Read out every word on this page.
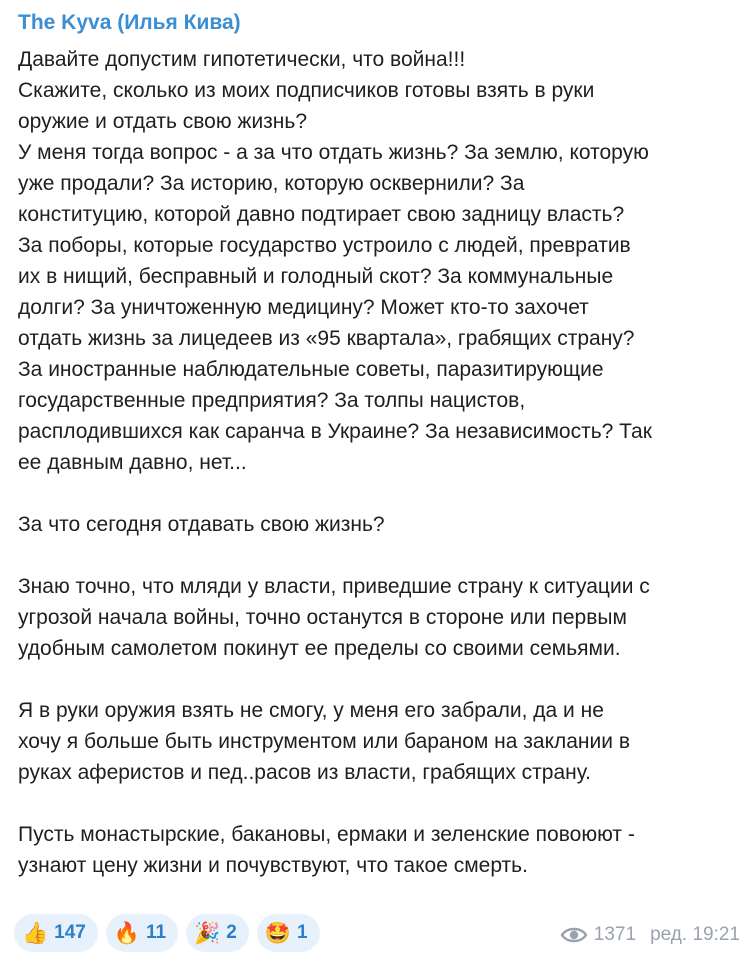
The Kyva (Илья Кива)
Давайте допустим гипотетически, что война!!!
Скажите, сколько из моих подписчиков готовы взять в руки
оружие и отдать свою жизнь?
У меня тогда вопрос - а за что отдать жизнь? За землю, которую
уже продали? За историю, которую осквернили? За
конституцию, которой давно подтирает свою задницу власть?
За поборы, которые государство устроило с людей, превратив
их в нищий, бесправный и голодный скот? За коммунальные
долги? За уничтоженную медицину? Может кто-то захочет
отдать жизнь за лицедеев из «95 квартала», грабящих страну?
За иностранные наблюдательные советы, паразитирующие
государственные предприятия? За толпы нацистов,
расплодившихся как саранча в Украине? За независимость? Так
ее давным давно, нет...
За что сегодня отдавать свою жизнь?
Знаю точно, что мляди у власти, приведшие страну к ситуации с
угрозой начала войны, точно останутся в стороне или первым
удобным самолетом покинут ее пределы со своими семьями.
Я в руки оружия взять не смогу, у меня его забрали, да и не
хочу я больше быть инструментом или бараном на заклании в
руках аферистов и пед..расов из власти, грабящих страну.
Пусть монастырские, бакановы, ермаки и зеленские повоюют -
узнают цену жизни и почувствуют, что такое смерть.
👍 147 🔥 11 🎉 2 🤩 1	1371 ред. 19:21
